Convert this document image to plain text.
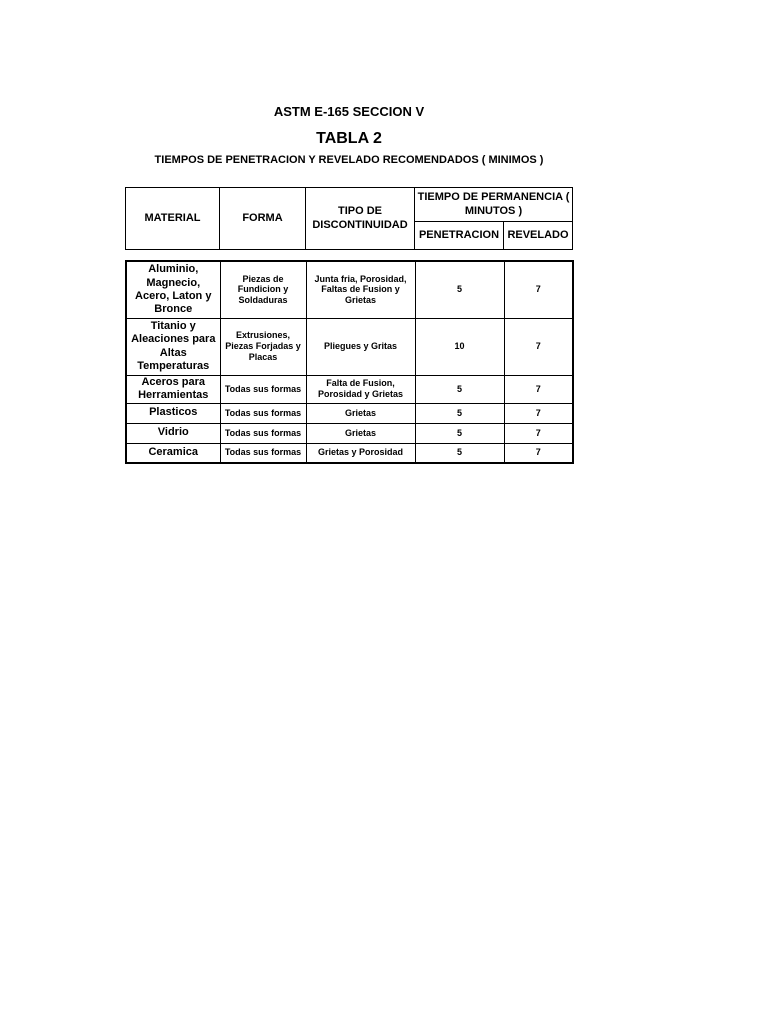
ASTM E-165 SECCION V
TABLA 2
TIEMPOS DE PENETRACION Y REVELADO RECOMENDADOS ( MINIMOS )
MATERIAL	FORMA	TIPO DE DISCONTINUIDAD	TIEMPO DE PERMANENCIA ( MINUTOS )	
			PENETRACION	REVELADO
Aluminio, Magnecio, Acero, Laton y Bronce	Piezas de Fundicion y Soldaduras	Junta fria, Porosidad, Faltas de Fusion y Grietas	5	7
Titanio y Aleaciones para Altas Temperaturas	Extrusiones, Piezas Forjadas y Placas	Pliegues y Gritas	10	7
Aceros para Herramientas	Todas sus formas	Falta de Fusion, Porosidad y Grietas	5	7
Plasticos	Todas sus formas	Grietas	5	7
Vidrio	Todas sus formas	Grietas	5	7
Ceramica	Todas sus formas	Grietas y Porosidad	5	7
